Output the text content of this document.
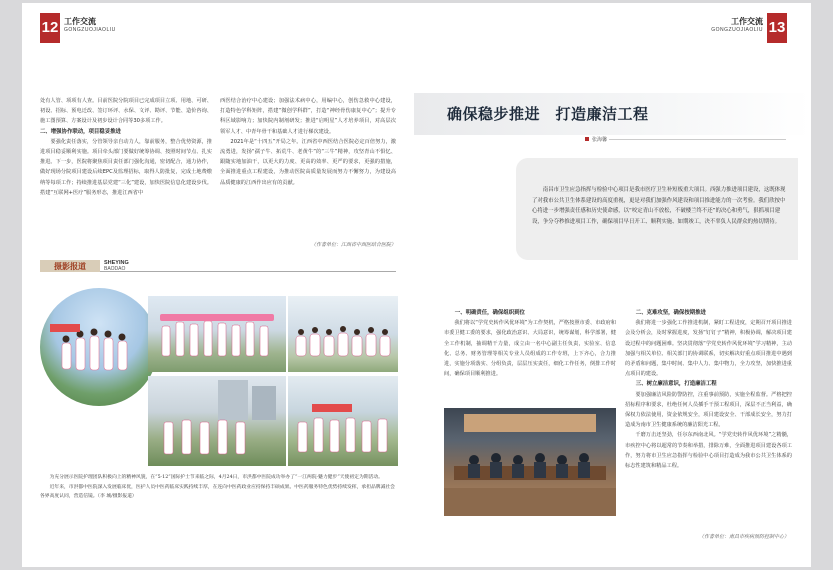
12 工作交流
GONGZUOJIAOLIU

处有人管、项项有人查。目前医院分院项目已完成项目立项、用地、可研、初设、招标、预电迁改、签订环评、水保、文评、勘评、节能、造价咨询、施工图预算、方案设计及初步设计合同等30多项工作。

二、增强协作联动，项目稳妥推进

要强化责任落实，分管领导亲自动力人，靠前服务，整合优势资源，推进项目稳妥顺利实施。项目牵头部门要做好统筹协调、按照时间节点、扎实推进。下一步，医院将聚焦项目责任部门强化沟通，密切配合，通力协作，做好现场分院项目建设后续EPC及监理招标，取得人防批复，完成土地费缴纳等每项工作；持续推进基层党建“三化”建设，加快医院信息化建设步伐。搭建“互联网+医疗”服务形态，推进江西省中

西医结合治疗中心建设；加强法术病中心，用编中心，创伤急救中心建设，打造特色学科矩阵，搭建“微创学科群”，打造“神经骨伤康复中心”；提升专科区域影响力；加快院内制剂研发；推进“启明星”人才培养项目，对高层次领军人才、中青年骨干和基础人才进行梯次建设。

2021年是“十四五”开局之年。江西省中西医结合医院必定百倍努力，激流勇进，发扬“孺子牛、拓荒牛、老黄牛”的“三牛”精神，攻坚青山不惧忆、跟随实地加油干，以更大的力度、更高的效率、更严的要求，更强的措施，全面推进重点工程建设，为推动医院高质量发展而努力不懈努力，为建设高品质健康的江西作出应有的贡献。

（作者单位：江西省中西医结合医院）
摄影报道	SHEYING
BAODAO

为充分展示医院护理团队积极向上的精神风貌，在“5·12”国际护士节来临之际，4月24日，市洪都中医院成功举办了“一江两院·魅力健步”天使初定为期活动。

近年来，市洪都中医院深入发展临床优，医护人员中医药临床实践持续丰厚，在连向中医药政业应持保持丰硕成果。中医药服务特色优势持续发挥，承担品牌减社会各界高度认同，营造信镜。（李 城/摄影报道）

工作交流
GONGZUOJIAOLIU 13
确保稳步推进　打造廉洁工程
张海馨

南昌市卫生应急指挥与检验中心项目是我市医疗卫生补短板重大项目。西强力推进项目建设，这既体现了对我市公共卫生体系建设的高度重视，更是对我们加强作风建设和项目推进能力的一次考验。我们欣按中心将进一步增强责任感和历史使命感，以“咬定青山不放松，不破楼兰终不还”的决心和勇气，狠抓项目建设，争分夺秒推进项目工作，确保项目早日开工、顺利实施、如期竣工，决不辜负人民群众的热切期待。

一、明确责任，确保组织到位

我们将以“学党史转作风优环境”为工作契机，严格按照市委、市政府和市委卫健工委的要求，强化政治意识、大局意识，统筹谋划，科学部署，健全工作机制，抽调精干力量，成立由一名中心副主任负责，实验室、信息化、总务、财务管理等相关专业人员组成的工作专班，上下齐心，合力推进，实施分项落实、分组负责，层层压实责任，细化工作任务，倒排工作时间，确保项目顺利推进。

二、克难攻坚，确保按期推进

我们将进一步强化工作推进机制，紧盯工程进度，定期召开项目推进会及分析会，及时掌握进度，发扬“钉钉子”精神，积极协调，解决项目建设过程中的问题困难。坚决贯彻落“学党史转作风优环境”学习精神，主动加强与相关单位、相关部门的协调联系，切实解决好重点项目推进中遇到的矛盾和问题，集中时间、集中人力、集中物力，全力攻坚，加快推进重点项目的建设。

三、树立廉洁意识，打造廉洁工程

要加强廉洁风险防警防控，注重事前预防，实施全程监督。严格把控招标程序和要求，杜绝任何人员插手干预工程项目，深层不正当利益，确保权力依法使用，资金依规安全，项目建设安全、干部成长安全，努力打造成为南市卫生健康系统的廉洁阳光工程。

千磨万击还坚劲，任尔东西南北风。“学党史转作风优环境”之精髓，市疾控中心将以超常的节奏和举措，排除万难，全面推进项目建设各项工作，努力将市卫生应急指挥与检验中心项目打造成为我市公共卫生体系的标志性建筑和精品工程。

（作者单位：南昌市疾病预防控制中心）
